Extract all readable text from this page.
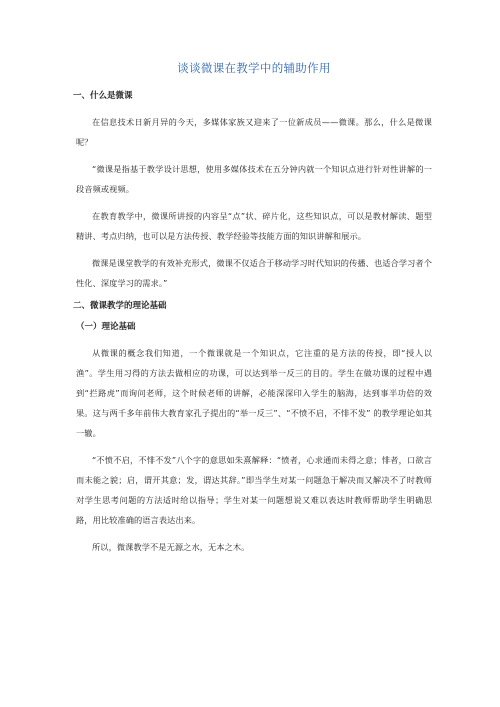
谈谈微课在教学中的辅助作用
一、什么是微课

在信息技术日新月异的今天，多媒体家族又迎来了一位新成员——微课。那么，什么是微课呢？

“微课是指基于教学设计思想，使用多媒体技术在五分钟内就一个知识点进行针对性讲解的一段音频或视频。

在教育教学中，微课所讲授的内容呈“点”状、碎片化，这些知识点，可以是教材解读、题型精讲、考点归纳，也可以是方法传授、教学经验等技能方面的知识讲解和展示。

微课是课堂教学的有效补充形式，微课不仅适合于移动学习时代知识的传播、也适合学习者个性化、深度学习的需求。”

二、微课教学的理论基础
（一）理论基础

从微课的概念我们知道，一个微课就是一个知识点，它注重的是方法的传授，即“授人以渔”。学生用习得的方法去做相应的功课，可以达到举一反三的目的。学生在做功课的过程中遇到“拦路虎”而询问老师，这个时候老师的讲解，必能深深印入学生的脑海，达到事半功倍的效果。这与两千多年前伟大教育家孔子提出的“举一反三”、“不愤不启，不悱不发” 的教学理论如其一辙。

“不愤不启，不悱不发”八个字的意思如朱熹解释：“愤者，心求通而未得之意；悱者，口欲言而未能之貌；启，谓开其意；发，谓达其辞。”即当学生对某一问题急于解决而又解决不了时教师对学生思考问题的方法适时给以指导；学生对某一问题想说又难以表达时教师帮助学生明确思路，用比较准确的语言表达出来。

所以，微课教学不是无源之水，无本之木。
